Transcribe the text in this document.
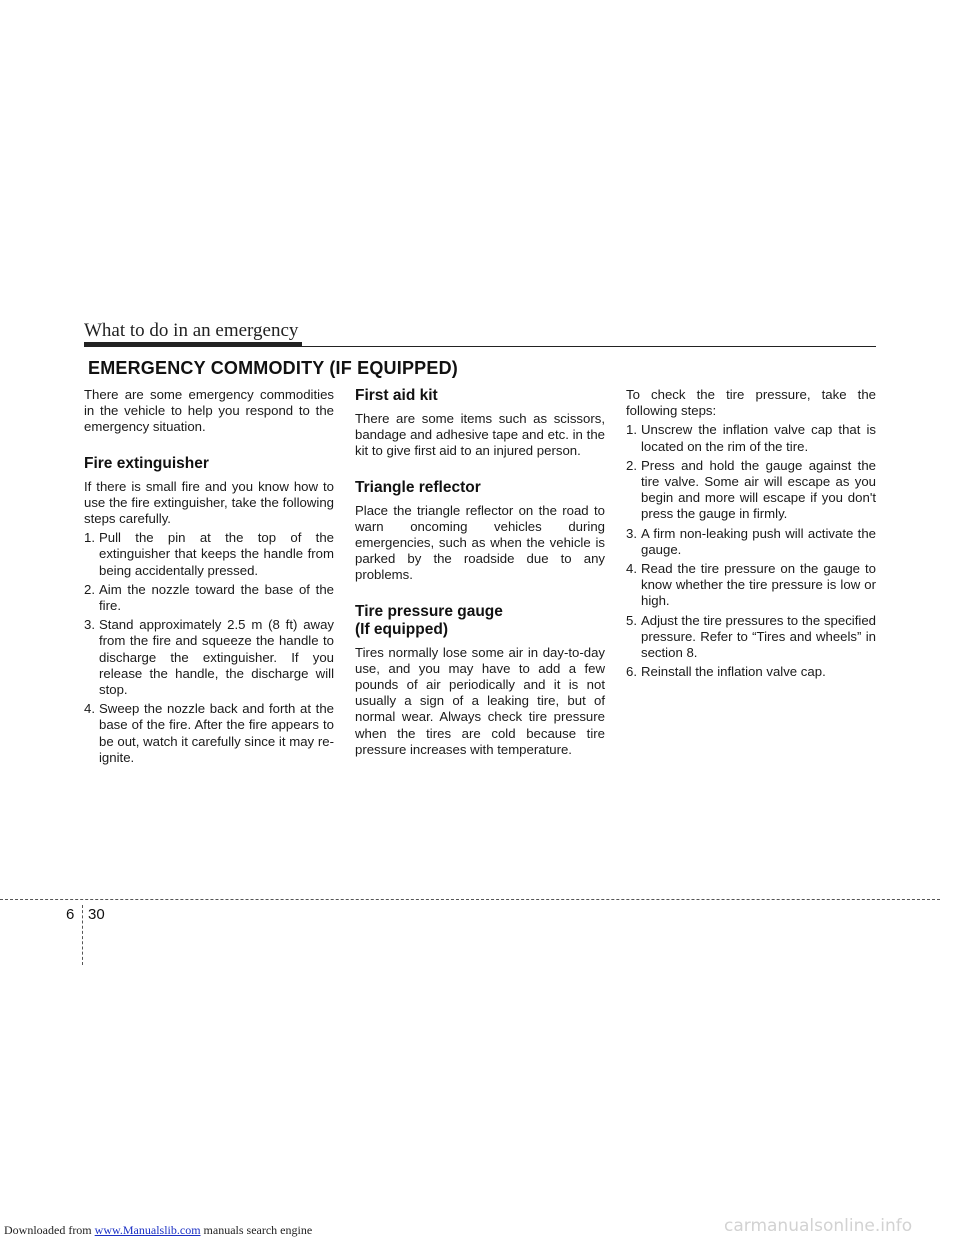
What to do in an emergency
EMERGENCY COMMODITY (IF EQUIPPED)

There are some emergency commodities in the vehicle to help you respond to the emergency situation.

Fire extinguisher

If there is small fire and you know how to use the fire extinguisher, take the following steps carefully.

1. Pull the pin at the top of the extinguisher that keeps the handle from being accidentally pressed.
2. Aim the nozzle toward the base of the fire.
3. Stand approximately 2.5 m (8 ft) away from the fire and squeeze the handle to discharge the extinguisher. If you release the handle, the discharge will stop.
4. Sweep the nozzle back and forth at the base of the fire. After the fire appears to be out, watch it carefully since it may re-ignite.
First aid kit

There are some items such as scissors, bandage and adhesive tape and etc. in the kit to give first aid to an injured person.

Triangle reflector

Place the triangle reflector on the road to warn oncoming vehicles during emergencies, such as when the vehicle is parked by the roadside due to any problems.

Tire pressure gauge
(If equipped)

Tires normally lose some air in day-to-day use, and you may have to add a few pounds of air periodically and it is not usually a sign of a leaking tire, but of normal wear. Always check tire pressure when the tires are cold because tire pressure increases with temperature.

To check the tire pressure, take the following steps:

1. Unscrew the inflation valve cap that is located on the rim of the tire.
2. Press and hold the gauge against the tire valve. Some air will escape as you begin and more will escape if you don't press the gauge in firmly.
3. A firm non-leaking push will activate the gauge.
4. Read the tire pressure on the gauge to know whether the tire pressure is low or high.
5. Adjust the tire pressures to the specified pressure. Refer to “Tires and wheels” in section 8.
6. Reinstall the inflation valve cap.
6 30
Downloaded from www.Manualslib.com manuals search engine	carmanualsonline.info
